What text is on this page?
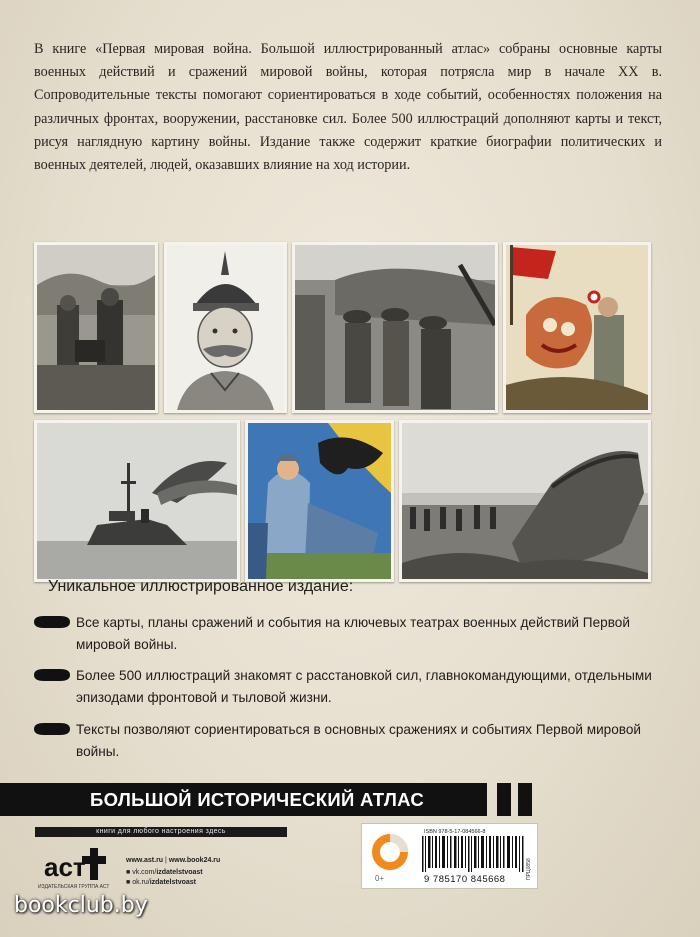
В книге «Первая мировая война. Большой иллюстрированный атлас» собраны основные карты военных действий и сражений мировой войны, которая потрясла мир в начале XX в. Сопроводительные тексты помогают сориентироваться в ходе событий, особенностях положения на различных фронтах, вооружении, расстановке сил. Более 500 иллюстраций дополняют карты и текст, рисуя наглядную картину войны. Издание также содержит краткие биографии политических и военных деятелей, людей, оказавших влияние на ход истории.

Уникальное иллюстрированное издание:

Все карты, планы сражений и события на ключевых театрах военных действий Первой мировой войны.
Более 500 иллюстраций знакомят с расстановкой сил, главнокомандующими, отдельными эпизодами фронтовой и тыловой жизни.
Тексты позволяют сориентироваться в основных сражениях и событиях Первой мировой войны.
БОЛЬШОЙ ИСТОРИЧЕСКИЙ АТЛАС
книги для любого настроения здесь
аст
ИЗДАТЕЛЬСКАЯ ГРУППА АСТ
www.ast.ru | www.book24.ru
■ vk.com/izdatelstvoast
■ ok.ru/izdatelstvoast	0+
ISBN 978-5-17-084566-8
9 785170 845668	ПРЦ0858
bookclub.by
